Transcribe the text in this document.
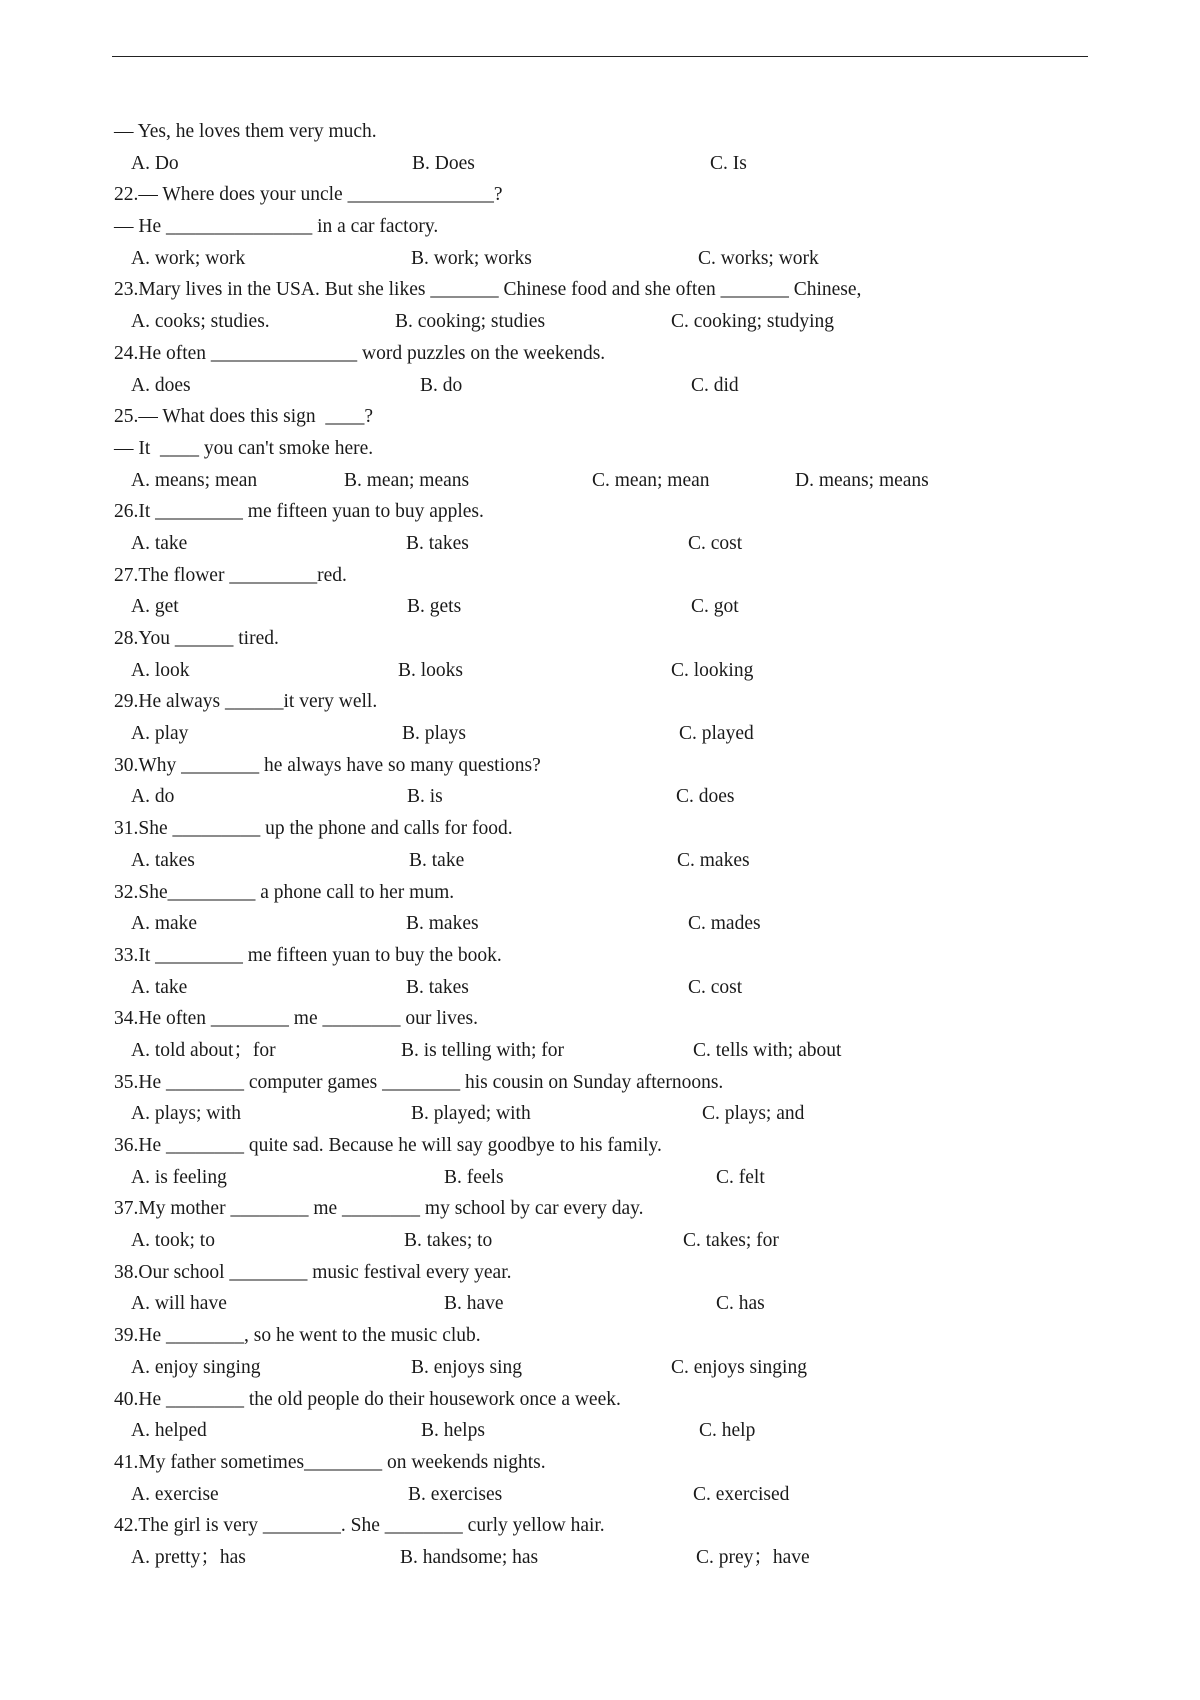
— Yes, he loves them very much.

A. Do

	B. Does

	C. Is

22.— Where does your uncle _______________?
— He _______________ in a car factory.

A. work; work

	B. work; works

	C. works; work

23.Mary lives in the USA. But she likes _______ Chinese food and she often _______ Chinese,

A. cooks; studies.

	B. cooking; studies

	C. cooking; studying

24.He often _______________ word puzzles on the weekends.

A. does

	B. do

	C. did

25.— What does this sign  ____?
— It  ____ you can't smoke here.

A. means; mean

	B. mean; means

	C. mean; mean

	D. means; means

26.It _________ me fifteen yuan to buy apples.

A. take

	B. takes

	C. cost

27.The flower _________red.

A. get

	B. gets

	C. got

28.You ______ tired.

A. look

	B. looks

	C. looking

29.He always ______it very well.

A. play

	B. plays

	C. played

30.Why ________ he always have so many questions?

A. do

	B. is

	C. does

31.She _________ up the phone and calls for food.

A. takes

	B. take

	C. makes

32.She_________ a phone call to her mum.

A. make

	B. makes

	C. mades

33.It _________ me fifteen yuan to buy the book.

A. take

	B. takes

	C. cost

34.He often ________ me ________ our lives.

A. told about；for

	B. is telling with; for

	C. tells with; about

35.He ________ computer games ________ his cousin on Sunday afternoons.

A. plays; with

	B. played; with

	C. plays; and

36.He ________ quite sad. Because he will say goodbye to his family.

A. is feeling

	B. feels

	C. felt

37.My mother ________ me ________ my school by car every day.

A. took; to

	B. takes; to

	C. takes; for

38.Our school ________ music festival every year.

A. will have

	B. have

	C. has

39.He ________, so he went to the music club.

A. enjoy singing

	B. enjoys sing

	C. enjoys singing

40.He ________ the old people do their housework once a week.

A. helped

	B. helps

	C. help

41.My father sometimes________ on weekends nights.

A. exercise

	B. exercises

	C. exercised

42.The girl is very ________. She ________ curly yellow hair.

A. pretty；has

	B. handsome; has

	C. prey；have
